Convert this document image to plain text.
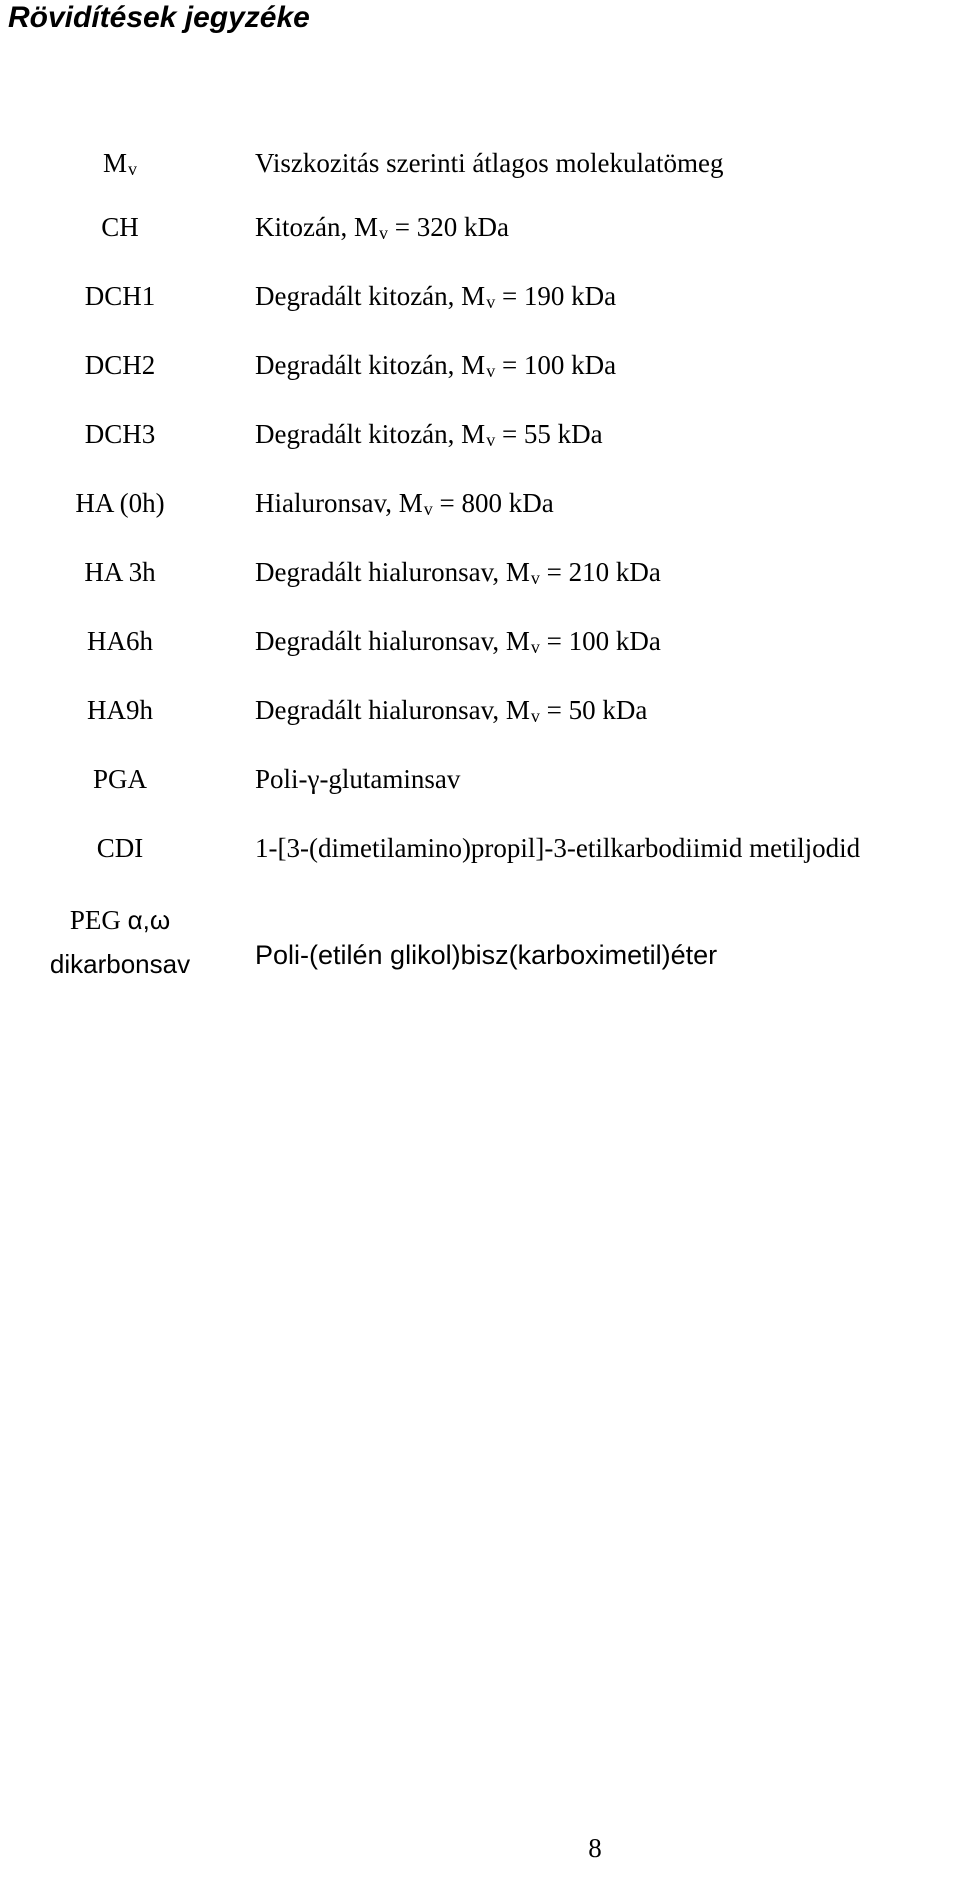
Rövidítések jegyzéke
Mv	Viszkozitás szerinti átlagos molekulatömeg
CH	Kitozán, Mv = 320 kDa
DCH1	Degradált kitozán, Mv = 190 kDa
DCH2	Degradált kitozán, Mv = 100 kDa
DCH3	Degradált kitozán, Mv = 55 kDa
HA (0h)	Hialuronsav, Mv = 800 kDa
HA 3h	Degradált hialuronsav, Mv = 210 kDa
HA6h	Degradált hialuronsav, Mv = 100 kDa
HA9h	Degradált hialuronsav, Mv = 50 kDa
PGA	Poli-γ-glutaminsav
CDI	1-[3-(dimetilamino)propil]-3-etilkarbodiimid metiljodid
PEG α,ω
dikarbonsav	Poli-(etilén glikol)bisz(karboximetil)éter
8
